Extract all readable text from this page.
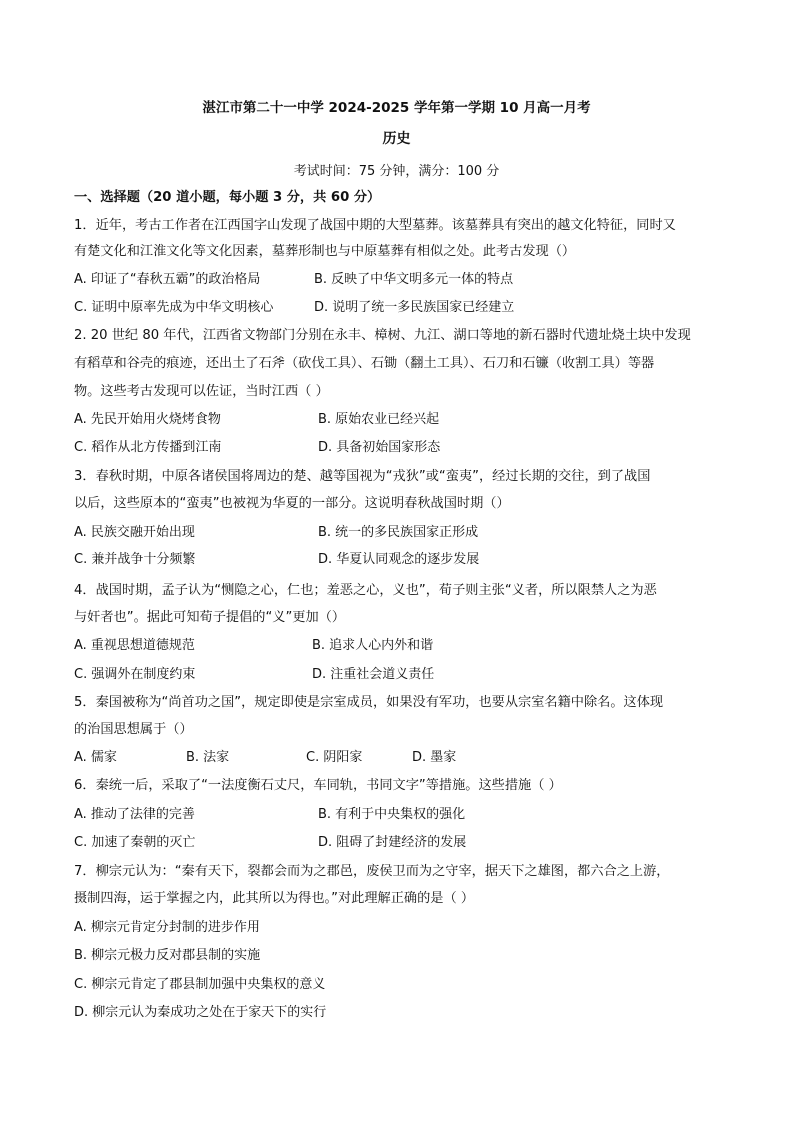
湛江市第二十一中学 2024-2025 学年第一学期 10 月高一月考
历史
考试时间：75 分钟，满分：100 分
一、选择题（20 道小题，每小题 3 分，共 60 分）
1．近年，考古工作者在江西国字山发现了战国中期的大型墓葬。该墓葬具有突出的越文化特征，同时又
有楚文化和江淮文化等文化因素，墓葬形制也与中原墓葬有相似之处。此考古发现（）
A. 印证了“春秋五霸”的政治格局	B. 反映了中华文明多元一体的特点
C. 证明中原率先成为中华文明核心	D. 说明了统一多民族国家已经建立
2. 20 世纪 80 年代，江西省文物部门分别在永丰、樟树、九江、湖口等地的新石器时代遗址烧土块中发现
有稻草和谷壳的痕迹，还出土了石斧（砍伐工具）、石锄（翻土工具）、石刀和石镰（收割工具）等器
物。这些考古发现可以佐证，当时江西（ ）
A. 先民开始用火烧烤食物	B. 原始农业已经兴起
C. 稻作从北方传播到江南	D. 具备初始国家形态
3．春秋时期，中原各诸侯国将周边的楚、越等国视为“戎狄”或“蛮夷”，经过长期的交往，到了战国
以后，这些原本的“蛮夷”也被视为华夏的一部分。这说明春秋战国时期（）
A. 民族交融开始出现	B. 统一的多民族国家正形成
C. 兼并战争十分频繁	D. 华夏认同观念的逐步发展
4．战国时期，孟子认为“恻隐之心，仁也；羞恶之心，义也”，荀子则主张“义者，所以限禁人之为恶
与奸者也”。据此可知荀子提倡的“义”更加（）
A. 重视思想道德规范	B. 追求人心内外和谐
C. 强调外在制度约束	D. 注重社会道义责任
5．秦国被称为“尚首功之国”，规定即使是宗室成员，如果没有军功，也要从宗室名籍中除名。这体现
的治国思想属于（）
A. 儒家	B. 法家	C. 阴阳家	D. 墨家
6．秦统一后，采取了“一法度衡石丈尺，车同轨，书同文字”等措施。这些措施（ ）
A. 推动了法律的完善	B. 有利于中央集权的强化
C. 加速了秦朝的灭亡	D. 阻碍了封建经济的发展
7．柳宗元认为：“秦有天下，裂都会而为之郡邑，废侯卫而为之守宰，据天下之雄图，都六合之上游，
摄制四海，运于掌握之内，此其所以为得也。”对此理解正确的是（ ）
A. 柳宗元肯定分封制的进步作用
B. 柳宗元极力反对郡县制的实施
C. 柳宗元肯定了郡县制加强中央集权的意义
D. 柳宗元认为秦成功之处在于家天下的实行
